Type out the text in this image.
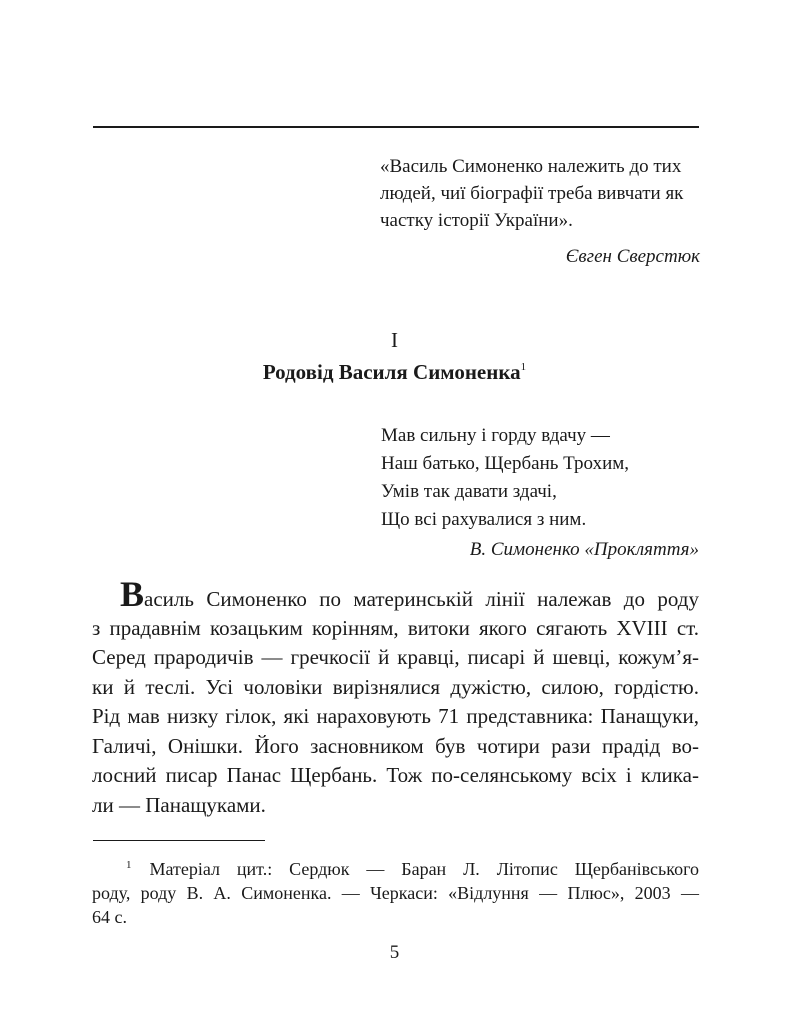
«Василь Симоненко належить до тих
людей, чиї біографії треба вивчати як
частку історії України».
Євген Сверстюк
I
Родовід Василя Симоненка$^1$
Мав сильну і горду вдачу —
Наш батько, Щербань Трохим,
Умів так давати здачі,
Що всі рахувалися з ним.
В. Симоненко «Прокляття»
Василь Симоненко по материнській лінії належав до роду
з прадавнім козацьким корінням, витоки якого сягають XVIII ст.
Серед прародичів — гречкосії й кравці, писарі й шевці, кожум’я-
ки й теслі. Усі чоловіки вирізнялися дужістю, силою, гордістю.
Рід мав низку гілок, які нараховують 71 представника: Панащуки,
Галичі, Онішки. Його засновником був чотири рази прадід во-
лосний писар Панас Щербань. Тож по-селянському всіх і клика-
ли — Панащуками.
$^1$ Матеріал цит.: Сердюк — Баран Л. Літопис Щербанівського
роду, роду В. А. Симоненка. — Черкаси: «Відлуння — Плюс», 2003 —
64 с.
5
